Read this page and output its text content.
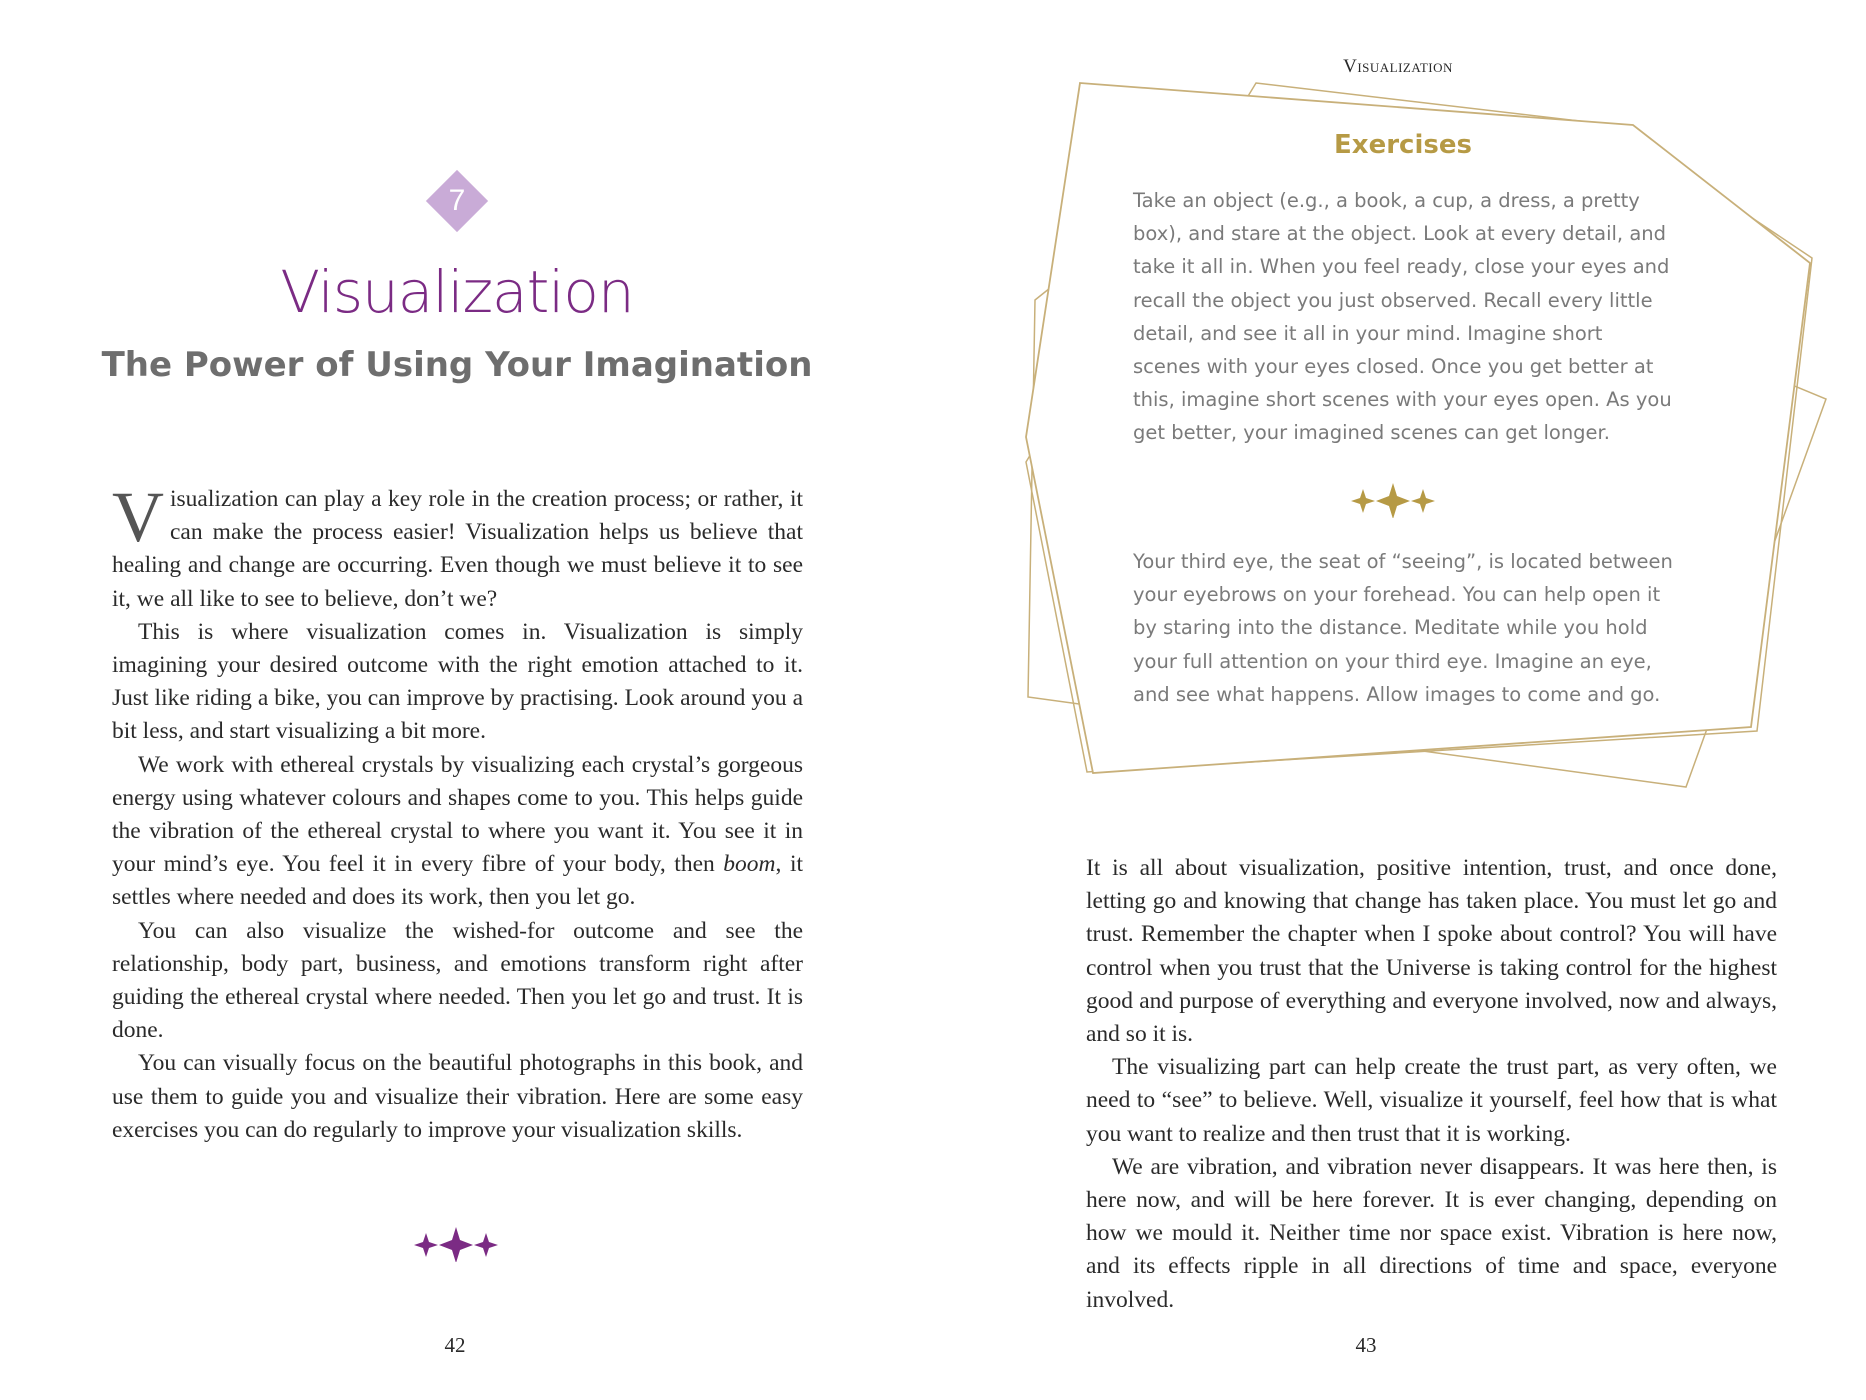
7
Visualization
The Power of Using Your Imagination

Visualization can play a key role in the creation process; or rather, it can make the process easier! Visualization helps us believe that healing and change are occurring. Even though we must believe it to see it, we all like to see to believe, don’t we?

This is where visualization comes in. Visualization is simply imagining your desired outcome with the right emotion attached to it. Just like riding a bike, you can improve by practising. Look around you a bit less, and start visualizing a bit more.

We work with ethereal crystals by visualizing each crystal’s gorgeous energy using whatever colours and shapes come to you. This helps guide the vibration of the ethereal crystal to where you want it. You see it in your mind’s eye. You feel it in every fibre of your body, then boom, it settles where needed and does its work, then you let go.

You can also visualize the wished-for outcome and see the relationship, body part, business, and emotions transform right after guiding the ethereal crystal where needed. Then you let go and trust. It is done.

You can visually focus on the beautiful photographs in this book, and use them to guide you and visualize their vibration. Here are some easy exercises you can do regularly to improve your visualization skills.

42
Visualization
Exercises

Take an object (e.g., a book, a cup, a dress, a pretty box), and stare at the object. Look at every detail, and take it all in. When you feel ready, close your eyes and recall the object you just observed. Recall every little detail, and see it all in your mind. Imagine short scenes with your eyes closed. Once you get better at this, imagine short scenes with your eyes open. As you get better, your imagined scenes can get longer.

Your third eye, the seat of “seeing”, is located between your eyebrows on your forehead. You can help open it by staring into the distance. Meditate while you hold your full attention on your third eye. Imagine an eye, and see what happens. Allow images to come and go.

It is all about visualization, positive intention, trust, and once done, letting go and knowing that change has taken place. You must let go and trust. Remember the chapter when I spoke about control? You will have control when you trust that the Universe is taking control for the highest good and purpose of everything and everyone involved, now and always, and so it is.

The visualizing part can help create the trust part, as very often, we need to “see” to believe. Well, visualize it yourself, feel how that is what you want to realize and then trust that it is working.

We are vibration, and vibration never disappears. It was here then, is here now, and will be here forever. It is ever changing, depending on how we mould it. Neither time nor space exist. Vibration is here now, and its effects ripple in all directions of time and space, everyone involved.

43
